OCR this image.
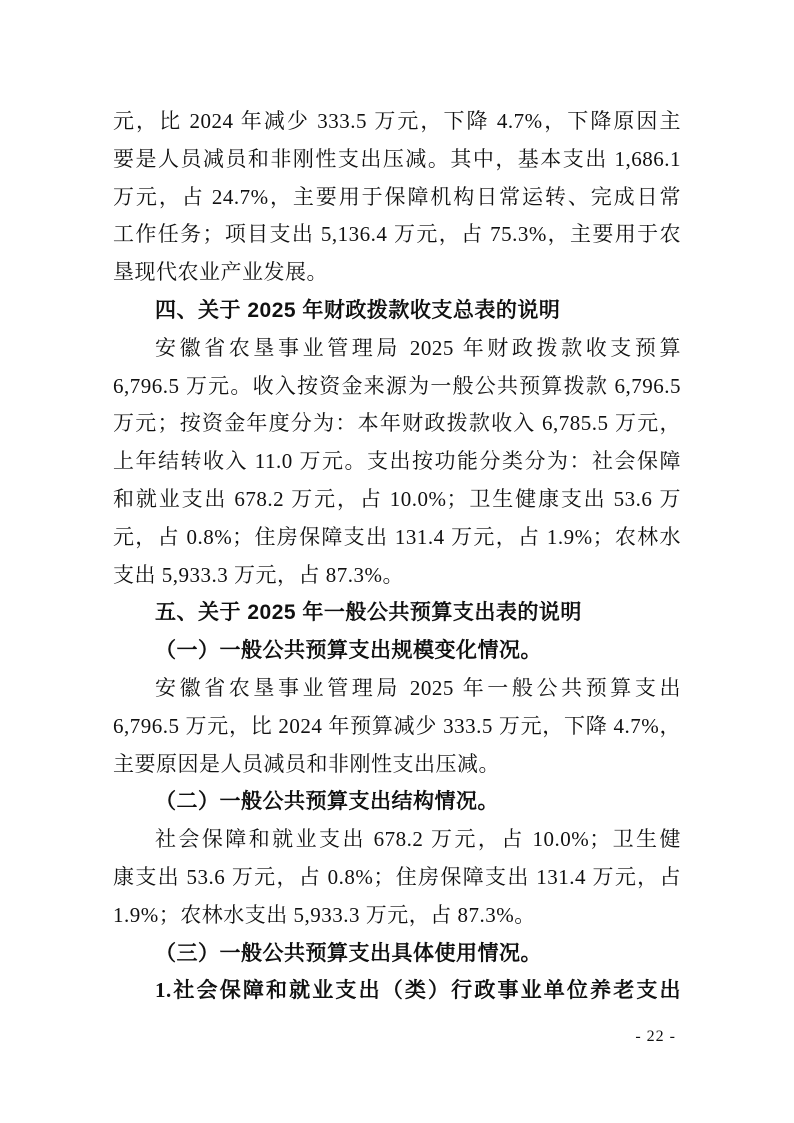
元，比 2024 年减少 333.5 万元，下降 4.7%，下降原因主
要是人员减员和非刚性支出压减。其中，基本支出 1,686.1
万元，占 24.7%，主要用于保障机构日常运转、完成日常
工作任务；项目支出 5,136.4 万元，占 75.3%，主要用于农
垦现代农业产业发展。
四、关于 2025 年财政拨款收支总表的说明
安徽省农垦事业管理局 2025 年财政拨款收支预算
6,796.5 万元。收入按资金来源为一般公共预算拨款 6,796.5
万元；按资金年度分为：本年财政拨款收入 6,785.5 万元，
上年结转收入 11.0 万元。支出按功能分类分为：社会保障
和就业支出 678.2 万元，占 10.0%；卫生健康支出 53.6 万
元，占 0.8%；住房保障支出 131.4 万元，占 1.9%；农林水
支出 5,933.3 万元，占 87.3%。
五、关于 2025 年一般公共预算支出表的说明
（一）一般公共预算支出规模变化情况。
安徽省农垦事业管理局 2025 年一般公共预算支出
6,796.5 万元，比 2024 年预算减少 333.5 万元，下降 4.7%，
主要原因是人员减员和非刚性支出压减。
（二）一般公共预算支出结构情况。
社会保障和就业支出 678.2 万元，占 10.0%；卫生健
康支出 53.6 万元，占 0.8%；住房保障支出 131.4 万元，占
1.9%；农林水支出 5,933.3 万元，占 87.3%。
（三）一般公共预算支出具体使用情况。
1.社会保障和就业支出（类）行政事业单位养老支出
- 22 -
